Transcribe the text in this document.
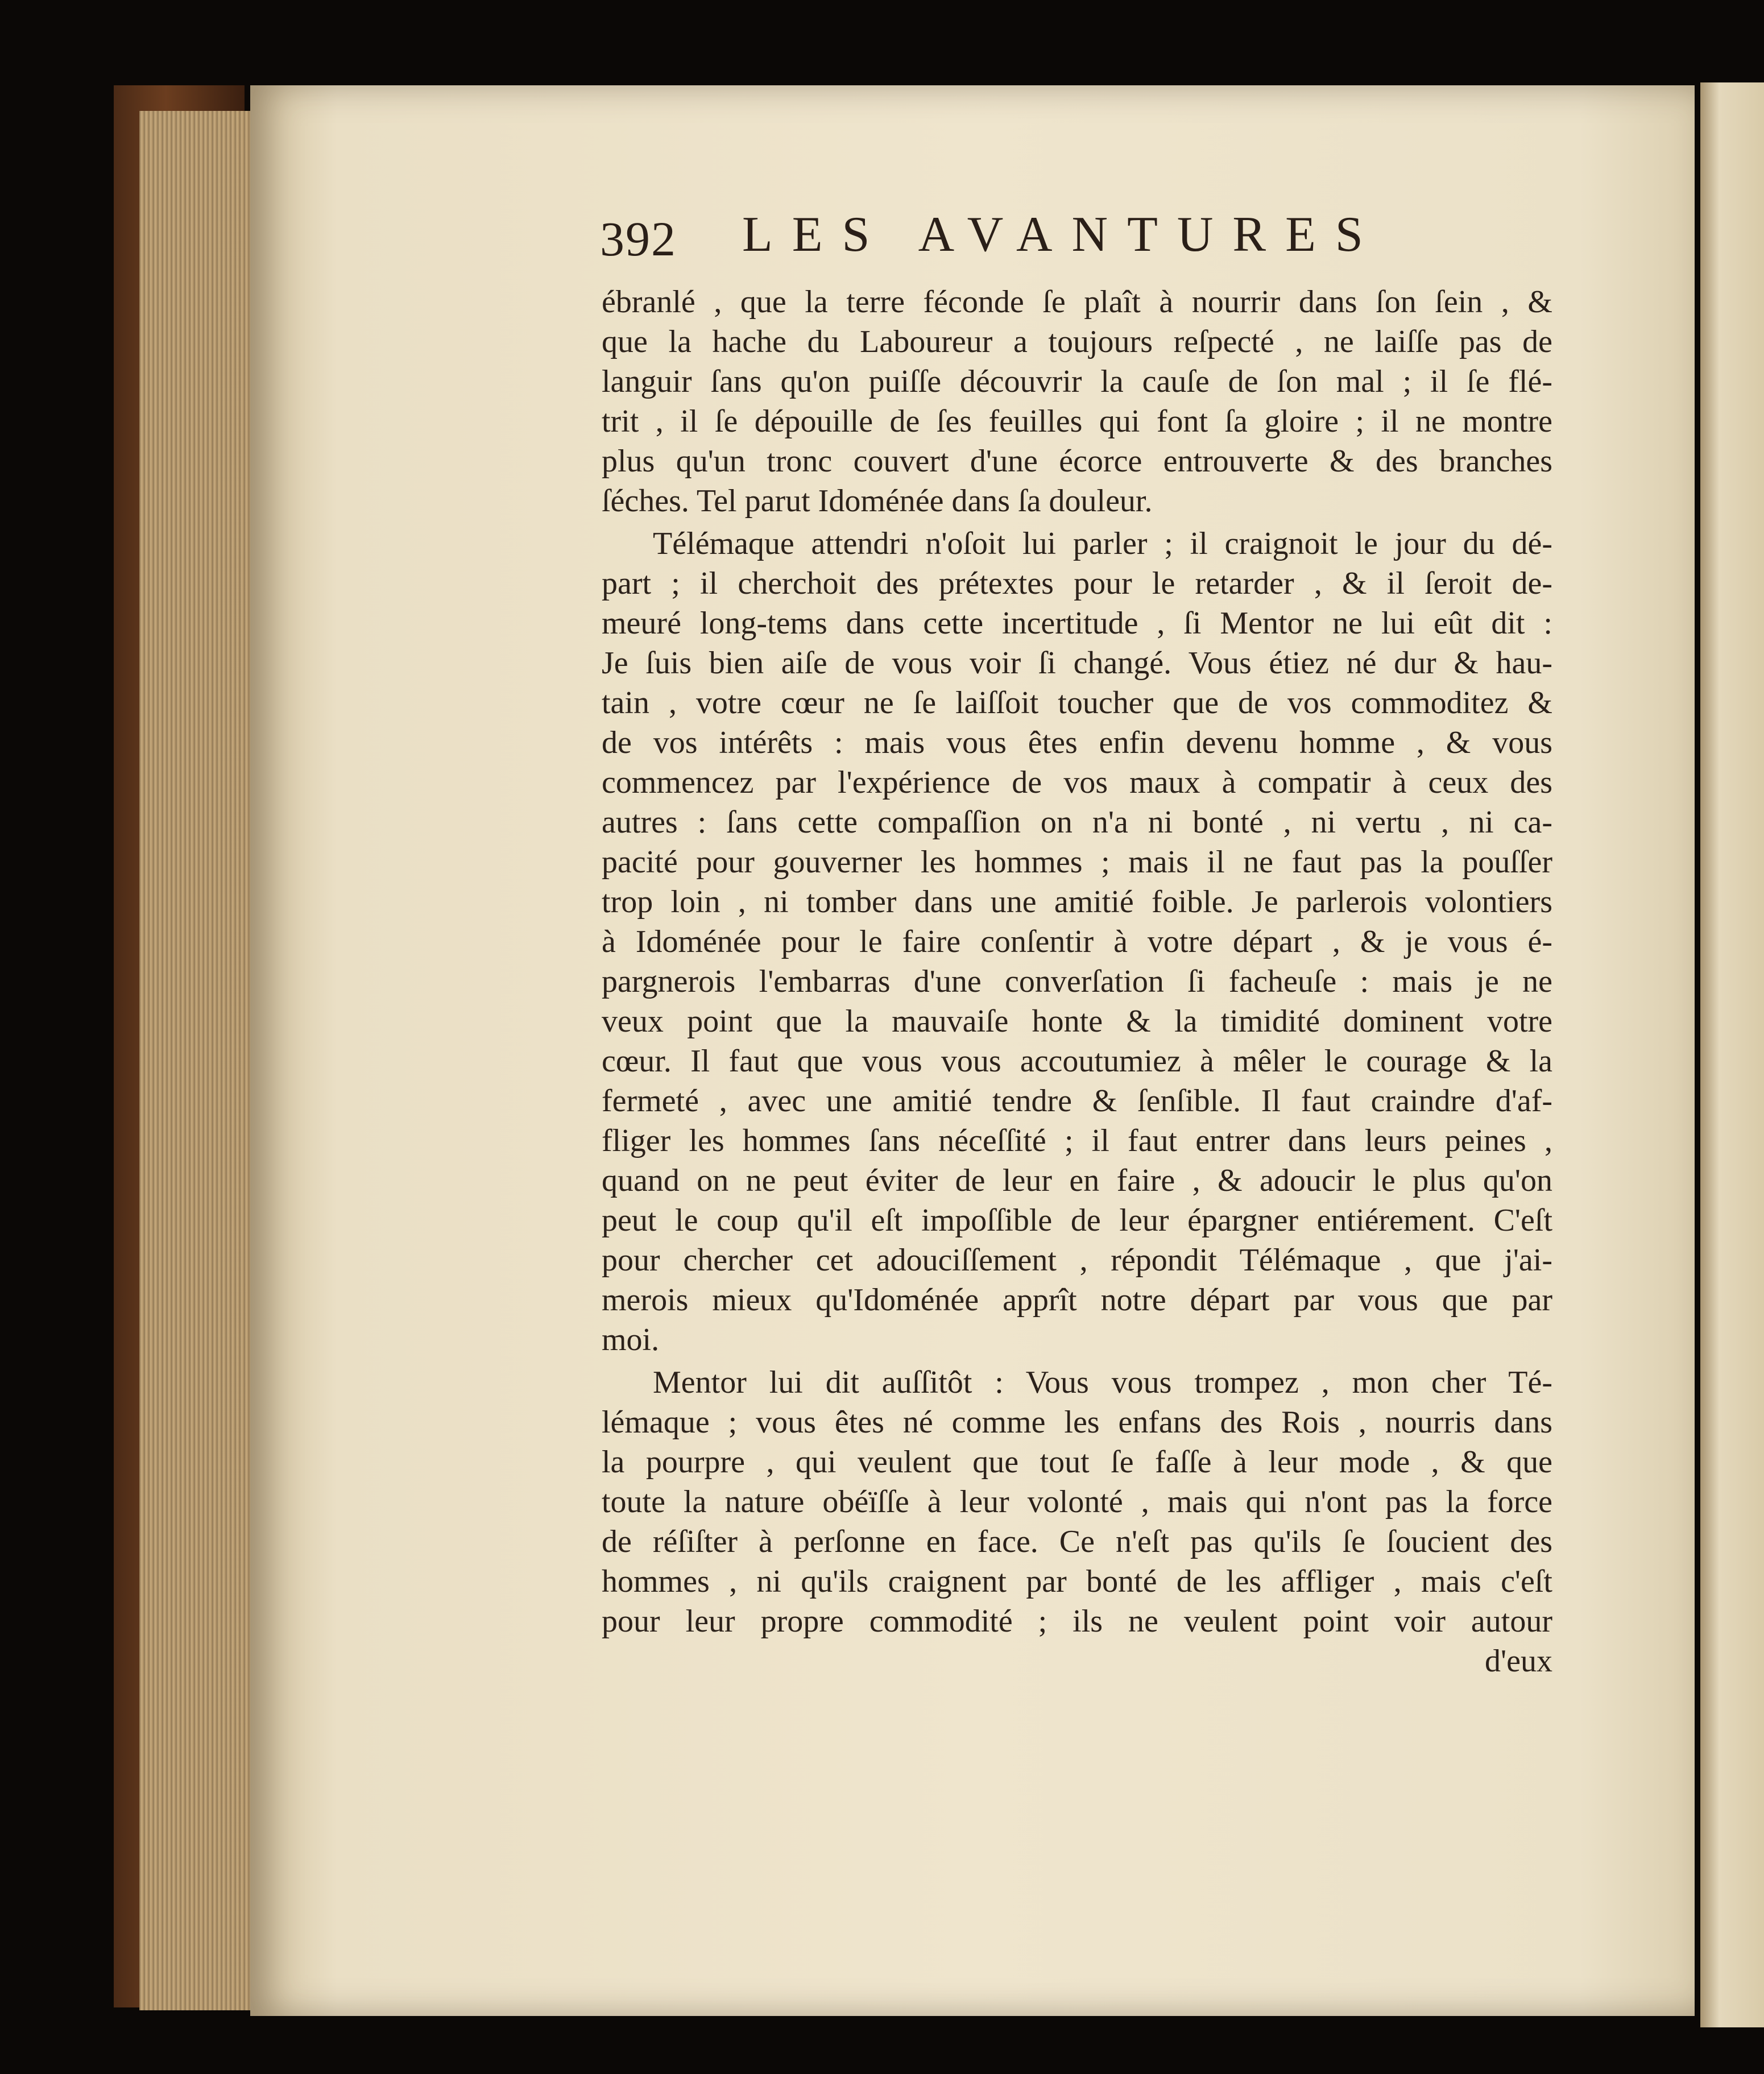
392 LES AVANTURES
ébranlé , que la terre féconde ſe plaît à nourrir dans ſon ſein , &
que la hache du Laboureur a toujours reſpecté , ne laiſſe pas de
languir ſans qu'on puiſſe découvrir la cauſe de ſon mal ; il ſe flé-
trit , il ſe dépouille de ſes feuilles qui font ſa gloire ; il ne montre
plus qu'un tronc couvert d'une écorce entrouverte & des branches
ſéches. Tel parut Idoménée dans ſa douleur.
Télémaque attendri n'oſoit lui parler ; il craignoit le jour du dé-
part ; il cherchoit des prétextes pour le retarder , & il ſeroit de-
meuré long-tems dans cette incertitude , ſi Mentor ne lui eût dit :
Je ſuis bien aiſe de vous voir ſi changé. Vous étiez né dur & hau-
tain , votre cœur ne ſe laiſſoit toucher que de vos commoditez &
de vos intérêts : mais vous êtes enfin devenu homme , & vous
commencez par l'expérience de vos maux à compatir à ceux des
autres : ſans cette compaſſion on n'a ni bonté , ni vertu , ni ca-
pacité pour gouverner les hommes ; mais il ne faut pas la pouſſer
trop loin , ni tomber dans une amitié foible. Je parlerois volontiers
à Idoménée pour le faire conſentir à votre départ , & je vous é-
pargnerois l'embarras d'une converſation ſi facheuſe : mais je ne
veux point que la mauvaiſe honte & la timidité dominent votre
cœur. Il faut que vous vous accoutumiez à mêler le courage & la
fermeté , avec une amitié tendre & ſenſible. Il faut craindre d'af-
fliger les hommes ſans néceſſité ; il faut entrer dans leurs peines ,
quand on ne peut éviter de leur en faire , & adoucir le plus qu'on
peut le coup qu'il eſt impoſſible de leur épargner entiérement. C'eſt
pour chercher cet adouciſſement , répondit Télémaque , que j'ai-
merois mieux qu'Idoménée apprît notre départ par vous que par
moi.
Mentor lui dit auſſitôt : Vous vous trompez , mon cher Té-
lémaque ; vous êtes né comme les enfans des Rois , nourris dans
la pourpre , qui veulent que tout ſe faſſe à leur mode , & que
toute la nature obéïſſe à leur volonté , mais qui n'ont pas la force
de réſiſter à perſonne en face. Ce n'eſt pas qu'ils ſe ſoucient des
hommes , ni qu'ils craignent par bonté de les affliger , mais c'eſt
pour leur propre commodité ; ils ne veulent point voir autour
d'eux
